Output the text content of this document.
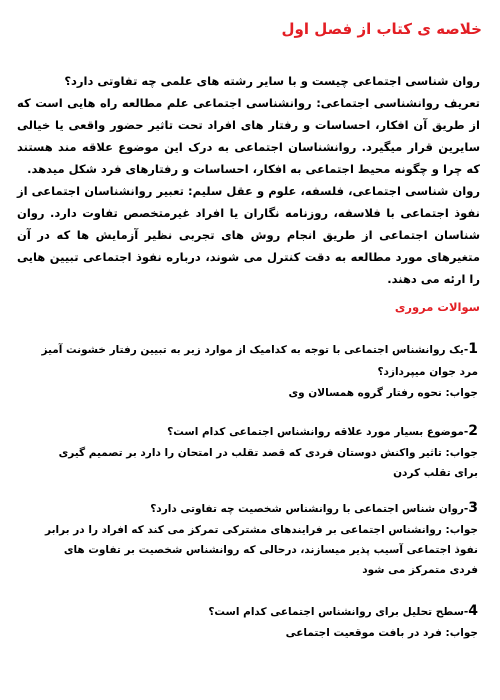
خلاصه ی کتاب از فصل اول

روان شناسی اجتماعی چیست و با سایر رشته های علمی چه تفاوتی دارد؟

تعریف روانشناسی اجتماعی: روانشناسی اجتماعی علم مطالعه راه هایی است که از طریق آن افکار، احساسات و رفتار های افراد تحت تاثیر حضور واقعی یا خیالی سایرین قرار میگیرد. روانشناسان اجتماعی به درک این موضوع علاقه مند هستند که چرا و چگونه محیط اجتماعی به افکار، احساسات و رفتارهای فرد شکل میدهد.

روان شناسی اجتماعی، فلسفه، علوم و عقل سلیم: تعبیر روانشناسان اجتماعی از نفوذ اجتماعی با فلاسفه، روزنامه نگاران یا افراد غیرمتخصص تفاوت دارد. روان شناسان اجتماعی از طریق انجام روش های تجربی نظیر آزمایش ها که در آن متغیرهای مورد مطالعه به دقت کنترل می شوند، درباره نفوذ اجتماعی تبیین هایی را ارئه می دهند.

سوالات مروری

1-یک روانشناس اجتماعی با توجه به کدامیک از موارد زیر به تبیین رفتار خشونت آمیز مرد جوان میپردازد؟

جواب: نحوه رفتار گروه همسالان وی

2-موضوع بسیار مورد علاقه روانشناس اجتماعی کدام است؟

جواب: تاثیر واکنش دوستان فردی که قصد تقلب در امتحان را دارد بر تصمیم گیری برای تقلب کردن

3-روان شناس اجتماعی با روانشناس شخصیت چه تفاوتی دارد؟

جواب: روانشناس اجتماعی بر فرایندهای مشترکی تمرکز می کند که افراد را در برابر نفوذ اجتماعی آسیب پذیر میسازند، درحالی که روانشناس شخصیت بر تفاوت های فردی متمرکز می شود

4-سطح تحلیل برای روانشناس اجتماعی کدام است؟

جواب: فرد در بافت موقعیت اجتماعی
